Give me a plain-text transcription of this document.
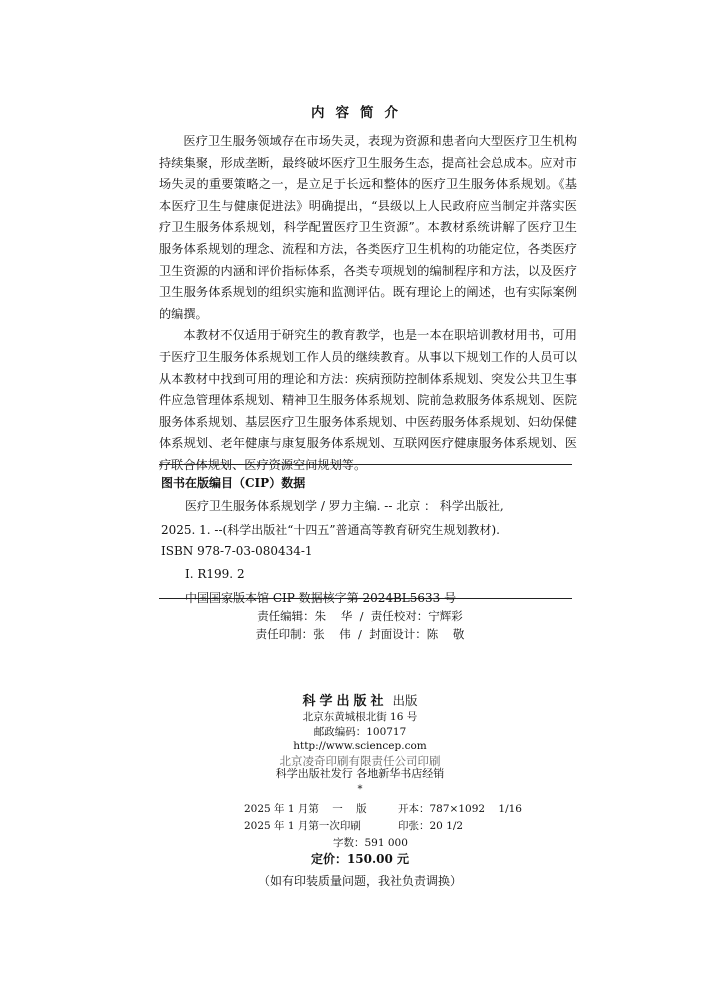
内容简介

医疗卫生服务领域存在市场失灵，表现为资源和患者向大型医疗卫生机构持续集聚，形成垄断，最终破坏医疗卫生服务生态，提高社会总成本。应对市场失灵的重要策略之一，是立足于长远和整体的医疗卫生服务体系规划。《基本医疗卫生与健康促进法》明确提出，“县级以上人民政府应当制定并落实医疗卫生服务体系规划，科学配置医疗卫生资源”。本教材系统讲解了医疗卫生服务体系规划的理念、流程和方法，各类医疗卫生机构的功能定位，各类医疗卫生资源的内涵和评价指标体系，各类专项规划的编制程序和方法，以及医疗卫生服务体系规划的组织实施和监测评估。既有理论上的阐述，也有实际案例的编撰。

本教材不仅适用于研究生的教育教学，也是一本在职培训教材用书，可用于医疗卫生服务体系规划工作人员的继续教育。从事以下规划工作的人员可以从本教材中找到可用的理论和方法：疾病预防控制体系规划、突发公共卫生事件应急管理体系规划、精神卫生服务体系规划、院前急救服务体系规划、医院服务体系规划、基层医疗卫生服务体系规划、中医药服务体系规划、妇幼保健体系规划、老年健康与康复服务体系规划、互联网医疗健康服务体系规划、医疗联合体规划、医疗资源空间规划等。

图书在版编目（CIP）数据
医疗卫生服务体系规划学 / 罗力主编. -- 北京 ： 科学出版社,
2025. 1. --(科学出版社“十四五”普通高等教育研究生规划教材).
ISBN 978-7-03-080434-1
Ⅰ. R199. 2
中国国家版本馆 CIP 数据核字第 2024BL5633 号
责任编辑：朱    华  /  责任校对：宁辉彩
责任印制：张    伟  /  封面设计：陈    敬
科学出版社 出版
北京东黄城根北街 16 号
邮政编码：100717
http://www.sciencep.com
北京凌奇印刷有限责任公司印刷
科学出版社发行 各地新华书店经销
*
2025 年 1 月第    一    版	开本：787×1092    1/16
2025 年 1 月第一次印刷	印张：20 1/2
字数：591 000
定价：150.00 元
（如有印装质量问题，我社负责调换）
